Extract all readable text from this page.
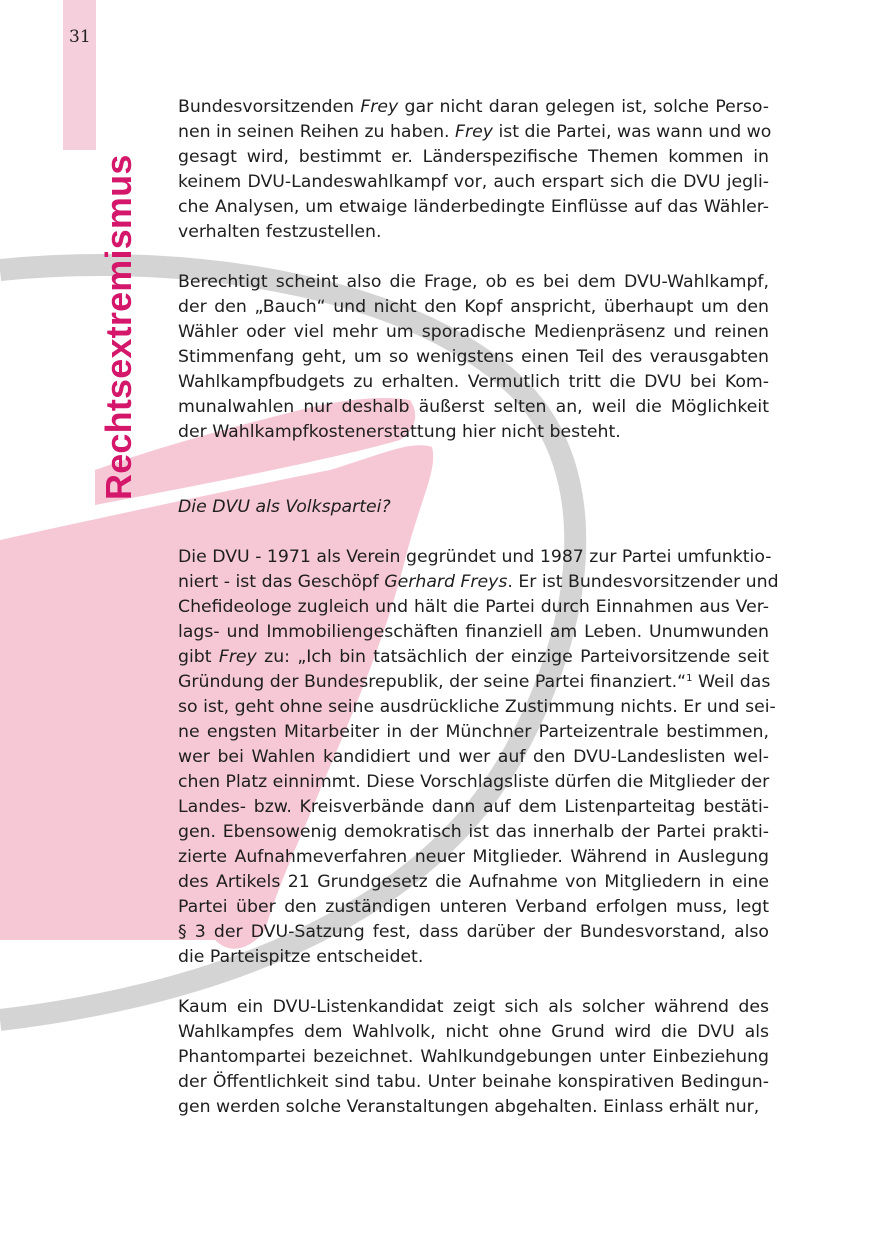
31
Rechtsextremismus

Bundesvorsitzenden Frey gar nicht daran gelegen ist, solche Perso-
nen in seinen Reihen zu haben. Frey ist die Partei, was wann und wo
gesagt wird, bestimmt er. Länderspezifische Themen kommen in
keinem DVU-Landeswahlkampf vor, auch erspart sich die DVU jegli-
che Analysen, um etwaige länderbedingte Einflüsse auf das Wähler-
verhalten festzustellen.

Berechtigt scheint also die Frage, ob es bei dem DVU-Wahlkampf,
der den „Bauch“ und nicht den Kopf anspricht, überhaupt um den
Wähler oder viel mehr um sporadische Medienpräsenz und reinen
Stimmenfang geht, um so wenigstens einen Teil des verausgabten
Wahlkampfbudgets zu erhalten. Vermutlich tritt die DVU bei Kom-
munalwahlen nur deshalb äußerst selten an, weil die Möglichkeit
der Wahlkampfkostenerstattung hier nicht besteht.

Die DVU als Volkspartei?

Die DVU - 1971 als Verein gegründet und 1987 zur Partei umfunktio-
niert - ist das Geschöpf Gerhard Freys. Er ist Bundesvorsitzender und
Chefideologe zugleich und hält die Partei durch Einnahmen aus Ver-
lags- und Immobiliengeschäften finanziell am Leben. Unumwunden
gibt Frey zu: „Ich bin tatsächlich der einzige Parteivorsitzende seit
Gründung der Bundesrepublik, der seine Partei finanziert.“$^1$ Weil das
so ist, geht ohne seine ausdrückliche Zustimmung nichts. Er und sei-
ne engsten Mitarbeiter in der Münchner Parteizentrale bestimmen,
wer bei Wahlen kandidiert und wer auf den DVU-Landeslisten wel-
chen Platz einnimmt. Diese Vorschlagsliste dürfen die Mitglieder der
Landes- bzw. Kreisverbände dann auf dem Listenparteitag bestäti-
gen. Ebensowenig demokratisch ist das innerhalb der Partei prakti-
zierte Aufnahmeverfahren neuer Mitglieder. Während in Auslegung
des Artikels 21 Grundgesetz die Aufnahme von Mitgliedern in eine
Partei über den zuständigen unteren Verband erfolgen muss, legt
§ 3 der DVU-Satzung fest, dass darüber der Bundesvorstand, also
die Parteispitze entscheidet.

Kaum ein DVU-Listenkandidat zeigt sich als solcher während des
Wahlkampfes dem Wahlvolk, nicht ohne Grund wird die DVU als
Phantompartei bezeichnet. Wahlkundgebungen unter Einbeziehung
der Öffentlichkeit sind tabu. Unter beinahe konspirativen Bedingun-
gen werden solche Veranstaltungen abgehalten. Einlass erhält nur,
